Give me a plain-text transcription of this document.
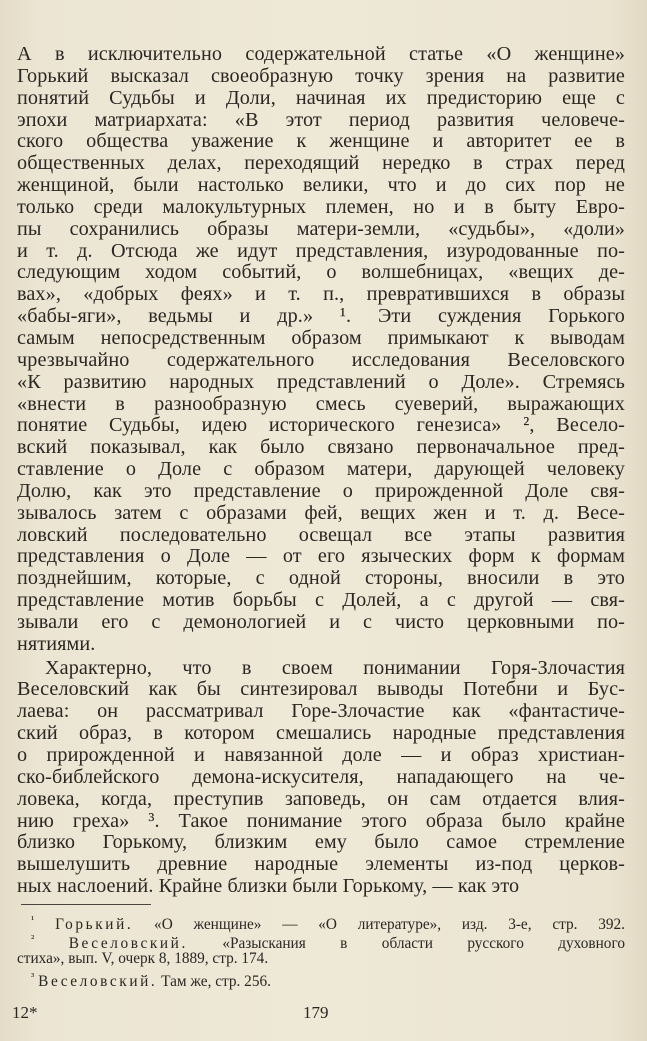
А в исключительно содержательной статье «О женщине»
Горький высказал своеобразную точку зрения на развитие
понятий Судьбы и Доли, начиная их предисторию еще с
эпохи матриархата: «В этот период развития человече-
ского общества уважение к женщине и авторитет ее в
общественных делах, переходящий нередко в страх перед
женщиной, были настолько велики, что и до сих пор не
только среди малокультурных племен, но и в быту Евро-
пы сохранились образы матери-земли, «судьбы», «доли»
и т. д. Отсюда же идут представления, изуродованные по-
следующим ходом событий, о волшебницах, «вещих де-
вах», «добрых феях» и т. п., превратившихся в образы
«бабы-яги», ведьмы и др.» ¹. Эти суждения Горького
самым непосредственным образом примыкают к выводам
чрезвычайно содержательного исследования Веселовского
«К развитию народных представлений о Доле». Стремясь
«внести в разнообразную смесь суеверий, выражающих
понятие Судьбы, идею исторического генезиса» ², Весело-
вский показывал, как было связано первоначальное пред-
ставление о Доле с образом матери, дарующей человеку
Долю, как это представление о прирожденной Доле свя-
зывалось затем с образами фей, вещих жен и т. д. Весе-
ловский последовательно освещал все этапы развития
представления о Доле — от его языческих форм к формам
позднейшим, которые, с одной стороны, вносили в это
представление мотив борьбы с Долей, а с другой — свя-
зывали его с демонологией и с чисто церковными по-
нятиями.
Характерно, что в своем понимании Горя-Злочастия
Веселовский как бы синтезировал выводы Потебни и Бус-
лаева: он рассматривал Горе-Злочастие как «фантастиче-
ский образ, в котором смешались народные представления
о прирожденной и навязанной доле — и образ христиан-
ско-библейского демона-искусителя, нападающего на че-
ловека, когда, преступив заповедь, он сам отдается влия-
нию греха» ³. Такое понимание этого образа было крайне
близко Горькому, близким ему было самое стремление
вышелушить древние народные элементы из-под церков-
ных наслоений. Крайне близки были Горькому, — как это
$^{^1}$ Горький. «О женщине» — «О литературе», изд. 3-е, стр. 392.
$^{^2}$ Веселовский. «Разыскания в области русского духовного
стиха», вып. V, очерк 8, 1889, стр. 174.
$^{^3}$ Веселовский. Там же, стр. 256.
12*	179
